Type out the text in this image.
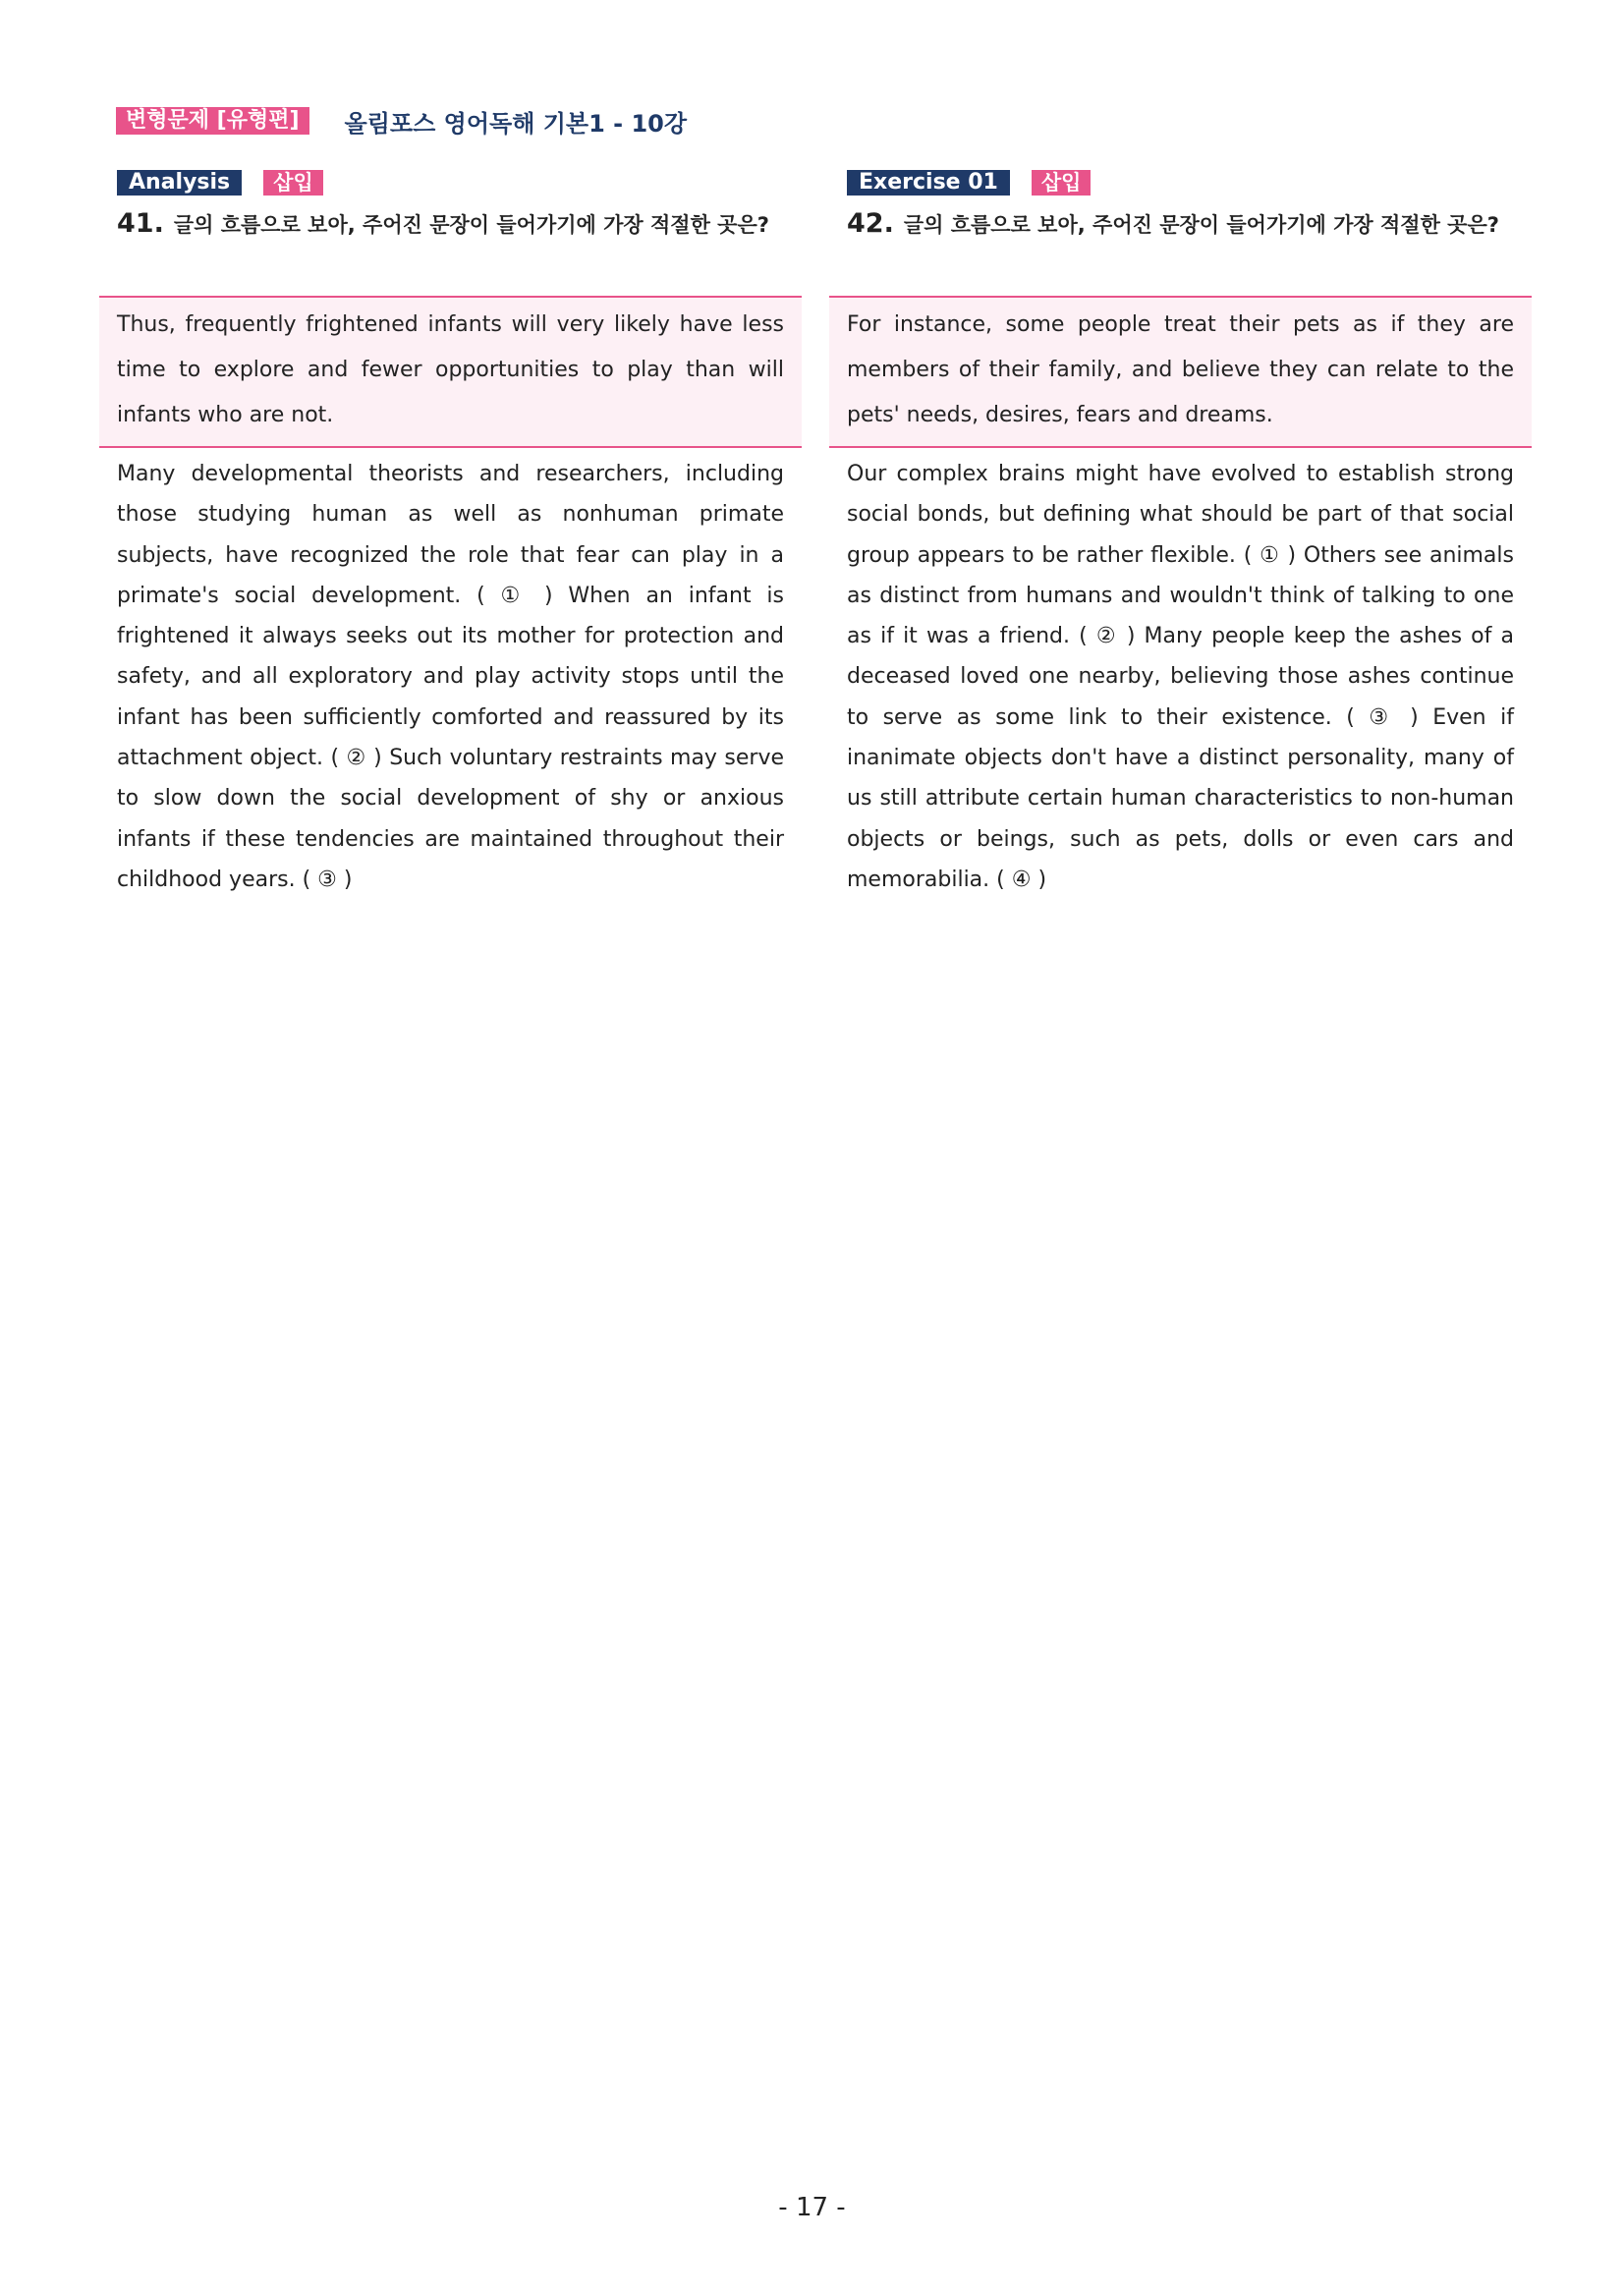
변형문제 [유형편]	올림포스 영어독해 기본1 - 10강
Analysis	삽입
41. 글의 흐름으로 보아, 주어진 문장이 들어가기에 가장 적절한 곳은?
Thus, frequently frightened infants will very likely have less time to explore and fewer opportunities to play than will infants who are not.
Many developmental theorists and researchers, including those studying human as well as nonhuman primate subjects, have recognized the role that fear can play in a primate's social development. ( ① ) When an infant is frightened it always seeks out its mother for protection and safety, and all exploratory and play activity stops until the infant has been sufficiently comforted and reassured by its attachment object. ( ② ) Such voluntary restraints may serve to slow down the social development of shy or anxious infants if these tendencies are maintained throughout their childhood years. ( ③ )
Exercise 01	삽입
42. 글의 흐름으로 보아, 주어진 문장이 들어가기에 가장 적절한 곳은?
For instance, some people treat their pets as if they are members of their family, and believe they can relate to the pets' needs, desires, fears and dreams.
Our complex brains might have evolved to establish strong social bonds, but defining what should be part of that social group appears to be rather flexible. ( ① ) Others see animals as distinct from humans and wouldn't think of talking to one as if it was a friend. ( ② ) Many people keep the ashes of a deceased loved one nearby, believing those ashes continue to serve as some link to their existence. ( ③ ) Even if inanimate objects don't have a distinct personality, many of us still attribute certain human characteristics to non-human objects or beings, such as pets, dolls or even cars and memorabilia. ( ④ )
- 17 -
